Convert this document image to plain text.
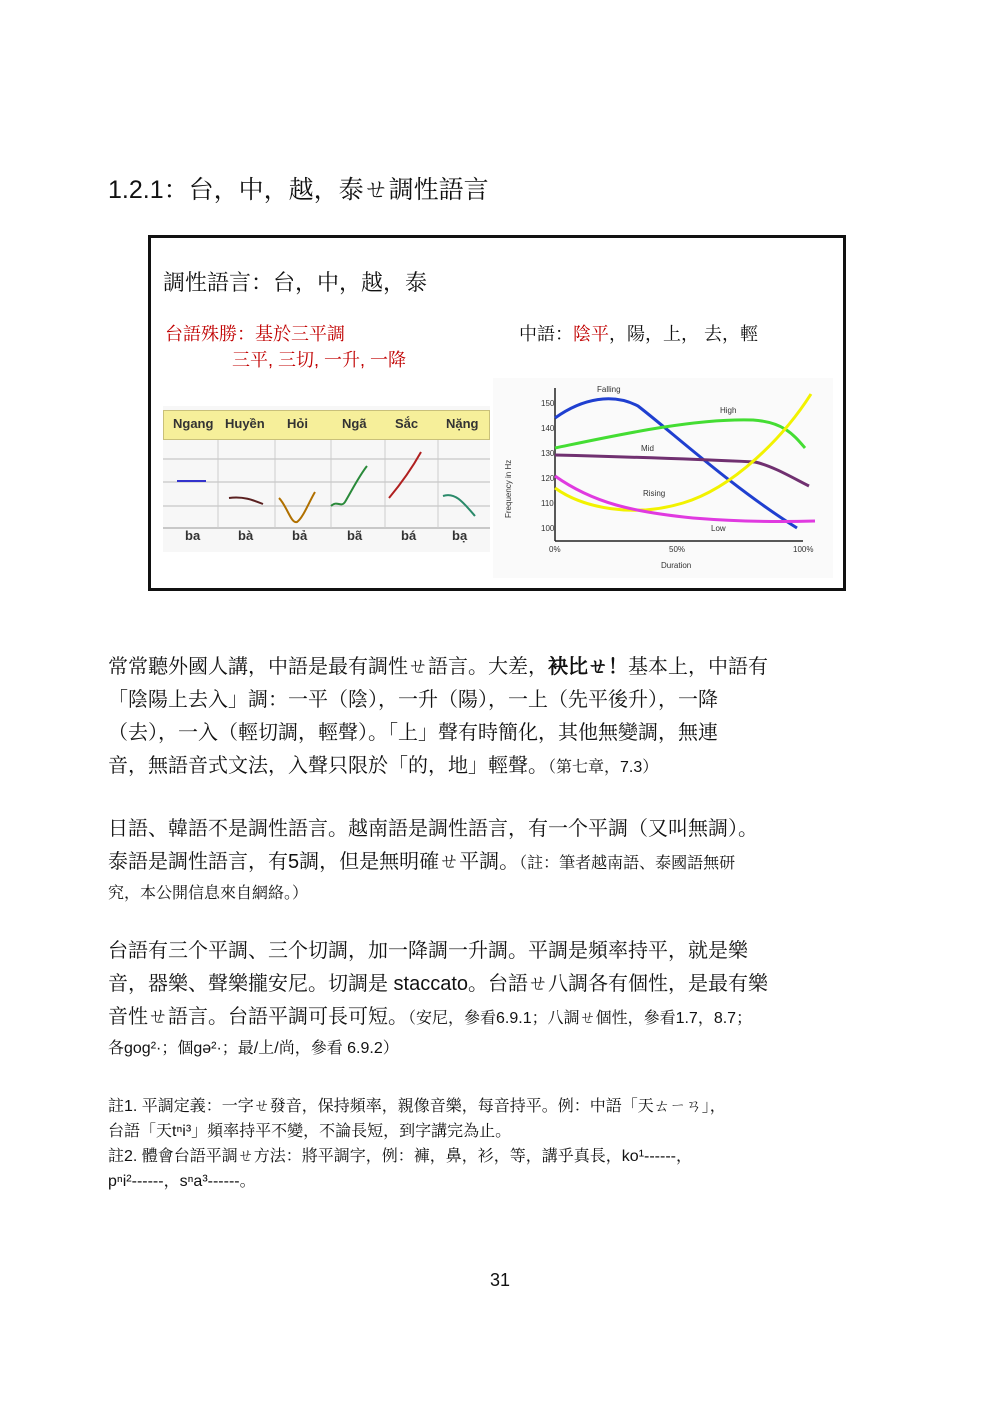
1.2.1：台，中，越，泰ㄝ調性語言
調性語言：台，中，越，泰
台語殊勝：基於三平調
三平, 三切, 一升, 一降
中語：陰平，陽，上， 去，輕
Ngang Huyền Hỏi	Ngã Sắc Nặng
ba	bà	bả	bã	bá	bạ
Frequency in Hz
150
140
130
120
110
100
0%	50%	100%
Duration
Falling
High
Mid
Rising
Low
常常聽外國人講，中語是最有調性ㄝ語言。大差，袂比ㄝ！基本上，中語有
「陰陽上去入」調：一平（陰），一升（陽），一上（先平後升），一降
（去），一入（輕切調，輕聲）。「上」聲有時簡化，其他無變調，無連
音，無語音式文法，入聲只限於「的，地」輕聲。（第七章，7.3）
日語、韓語不是調性語言。越南語是調性語言，有一个平調（又叫無調）。
泰語是調性語言，有5調，但是無明確ㄝ平調。（註：筆者越南語、泰國語無研
究，本公開信息來自網絡。）
台語有三个平調、三个切調，加一降調一升調。平調是頻率持平，就是樂
音，器樂、聲樂攏安尼。切調是 staccato。台語ㄝ八調各有個性，是最有樂
音性ㄝ語言。台語平調可長可短。（安尼，參看6.9.1；八調ㄝ個性，參看1.7，8.7；
各gog²·；個gə²·；最/上/尚，參看 6.9.2）
註1. 平調定義：一字ㄝ發音，保持頻率，親像音樂，每音持平。例：中語「天ㄊㄧㄢ」，
台語「天tⁿi³」頻率持平不變，不論長短，到字講完為止。
註2. 體會台語平調ㄝ方法：將平調字，例：褲，鼻，衫，等，講乎真長，ko¹------，
pⁿi²------，sⁿa³------。
31
